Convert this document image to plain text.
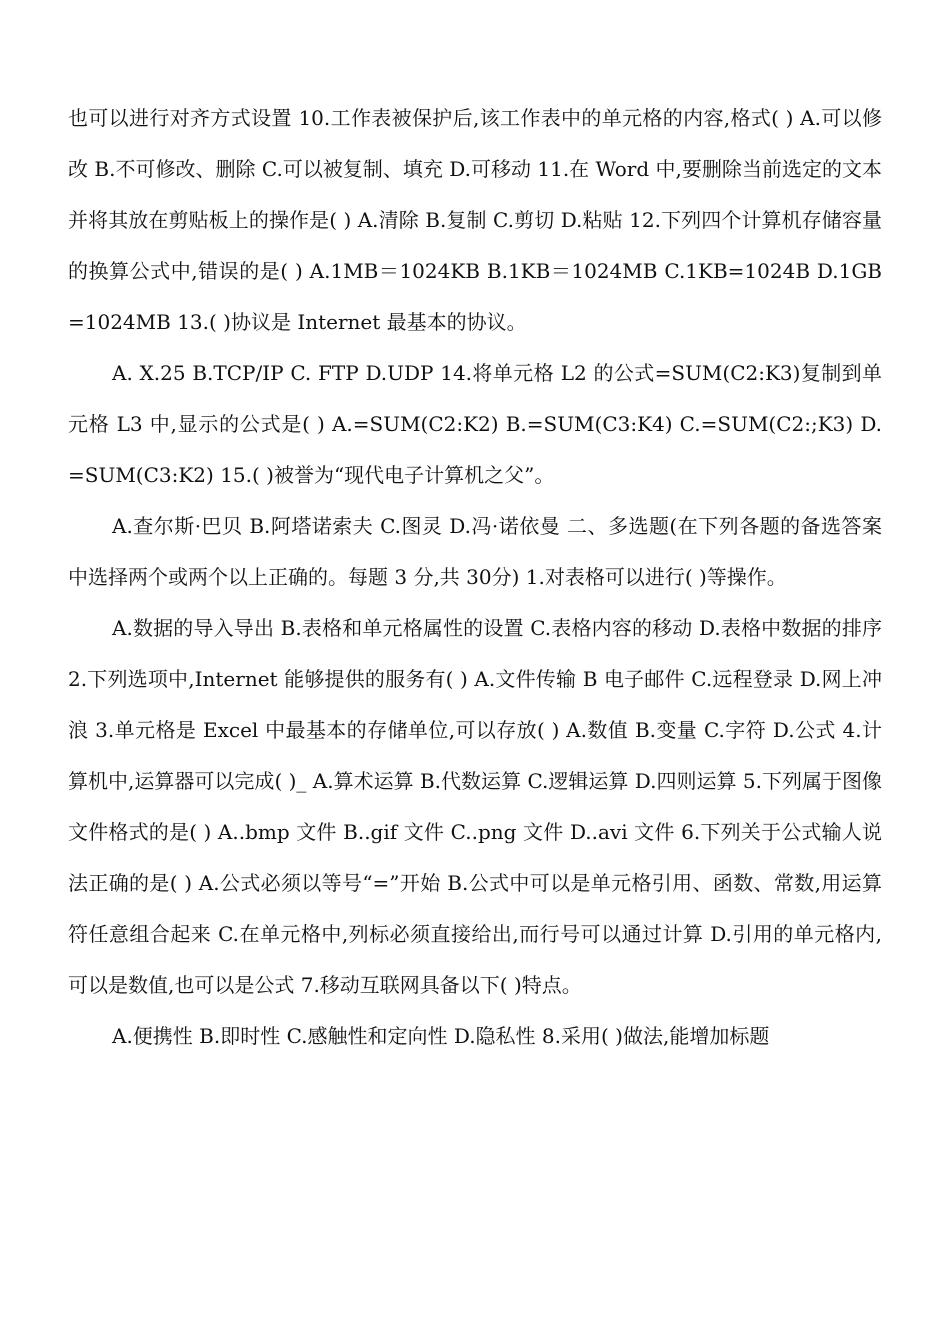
也可以进行对齐方式设置 10.工作表被保护后,该工作表中的单元格的内容,格式( ) A.可以修改 B.不可修改、删除 C.可以被复制、填充 D.可移动 11.在 Word 中,要删除当前选定的文本并将其放在剪贴板上的操作是( ) A.清除 B.复制 C.剪切 D.粘贴 12.下列四个计算机存储容量的换算公式中,错误的是( ) A.1MB＝1024KB B.1KB＝1024MB C.1KB=1024B D.1GB=1024MB 13.( )协议是 Internet 最基本的协议。

A. X.25 B.TCP/IP C. FTP D.UDP 14.将单元格 L2 的公式=SUM(C2:K3)复制到单元格 L3 中,显示的公式是( ) A.=SUM(C2:K2) B.=SUM(C3:K4) C.=SUM(C2:;K3) D.=SUM(C3:K2) 15.( )被誉为“现代电子计算机之父”。

A.查尔斯·巴贝 B.阿塔诺索夫 C.图灵 D.冯·诺依曼 二、多选题(在下列各题的备选答案中选择两个或两个以上正确的。每题 3 分,共 30分) 1.对表格可以进行( )等操作。

A.数据的导入导出 B.表格和单元格属性的设置 C.表格内容的移动 D.表格中数据的排序 2.下列选项中,Internet 能够提供的服务有( ) A.文件传输 B 电子邮件 C.远程登录 D.网上冲浪 3.单元格是 Excel 中最基本的存储单位,可以存放( ) A.数值 B.变量 C.字符 D.公式 4.计算机中,运算器可以完成( )_ A.算术运算 B.代数运算 C.逻辑运算 D.四则运算 5.下列属于图像文件格式的是( ) A..bmp 文件 B..gif 文件 C..png 文件 D..avi 文件 6.下列关于公式输人说法正确的是( ) A.公式必须以等号“=”开始 B.公式中可以是单元格引用、函数、常数,用运算符任意组合起来 C.在单元格中,列标必须直接给出,而行号可以通过计算 D.引用的单元格内,可以是数值,也可以是公式 7.移动互联网具备以下( )特点。

A.便携性 B.即时性 C.感触性和定向性 D.隐私性 8.采用( )做法,能增加标题
